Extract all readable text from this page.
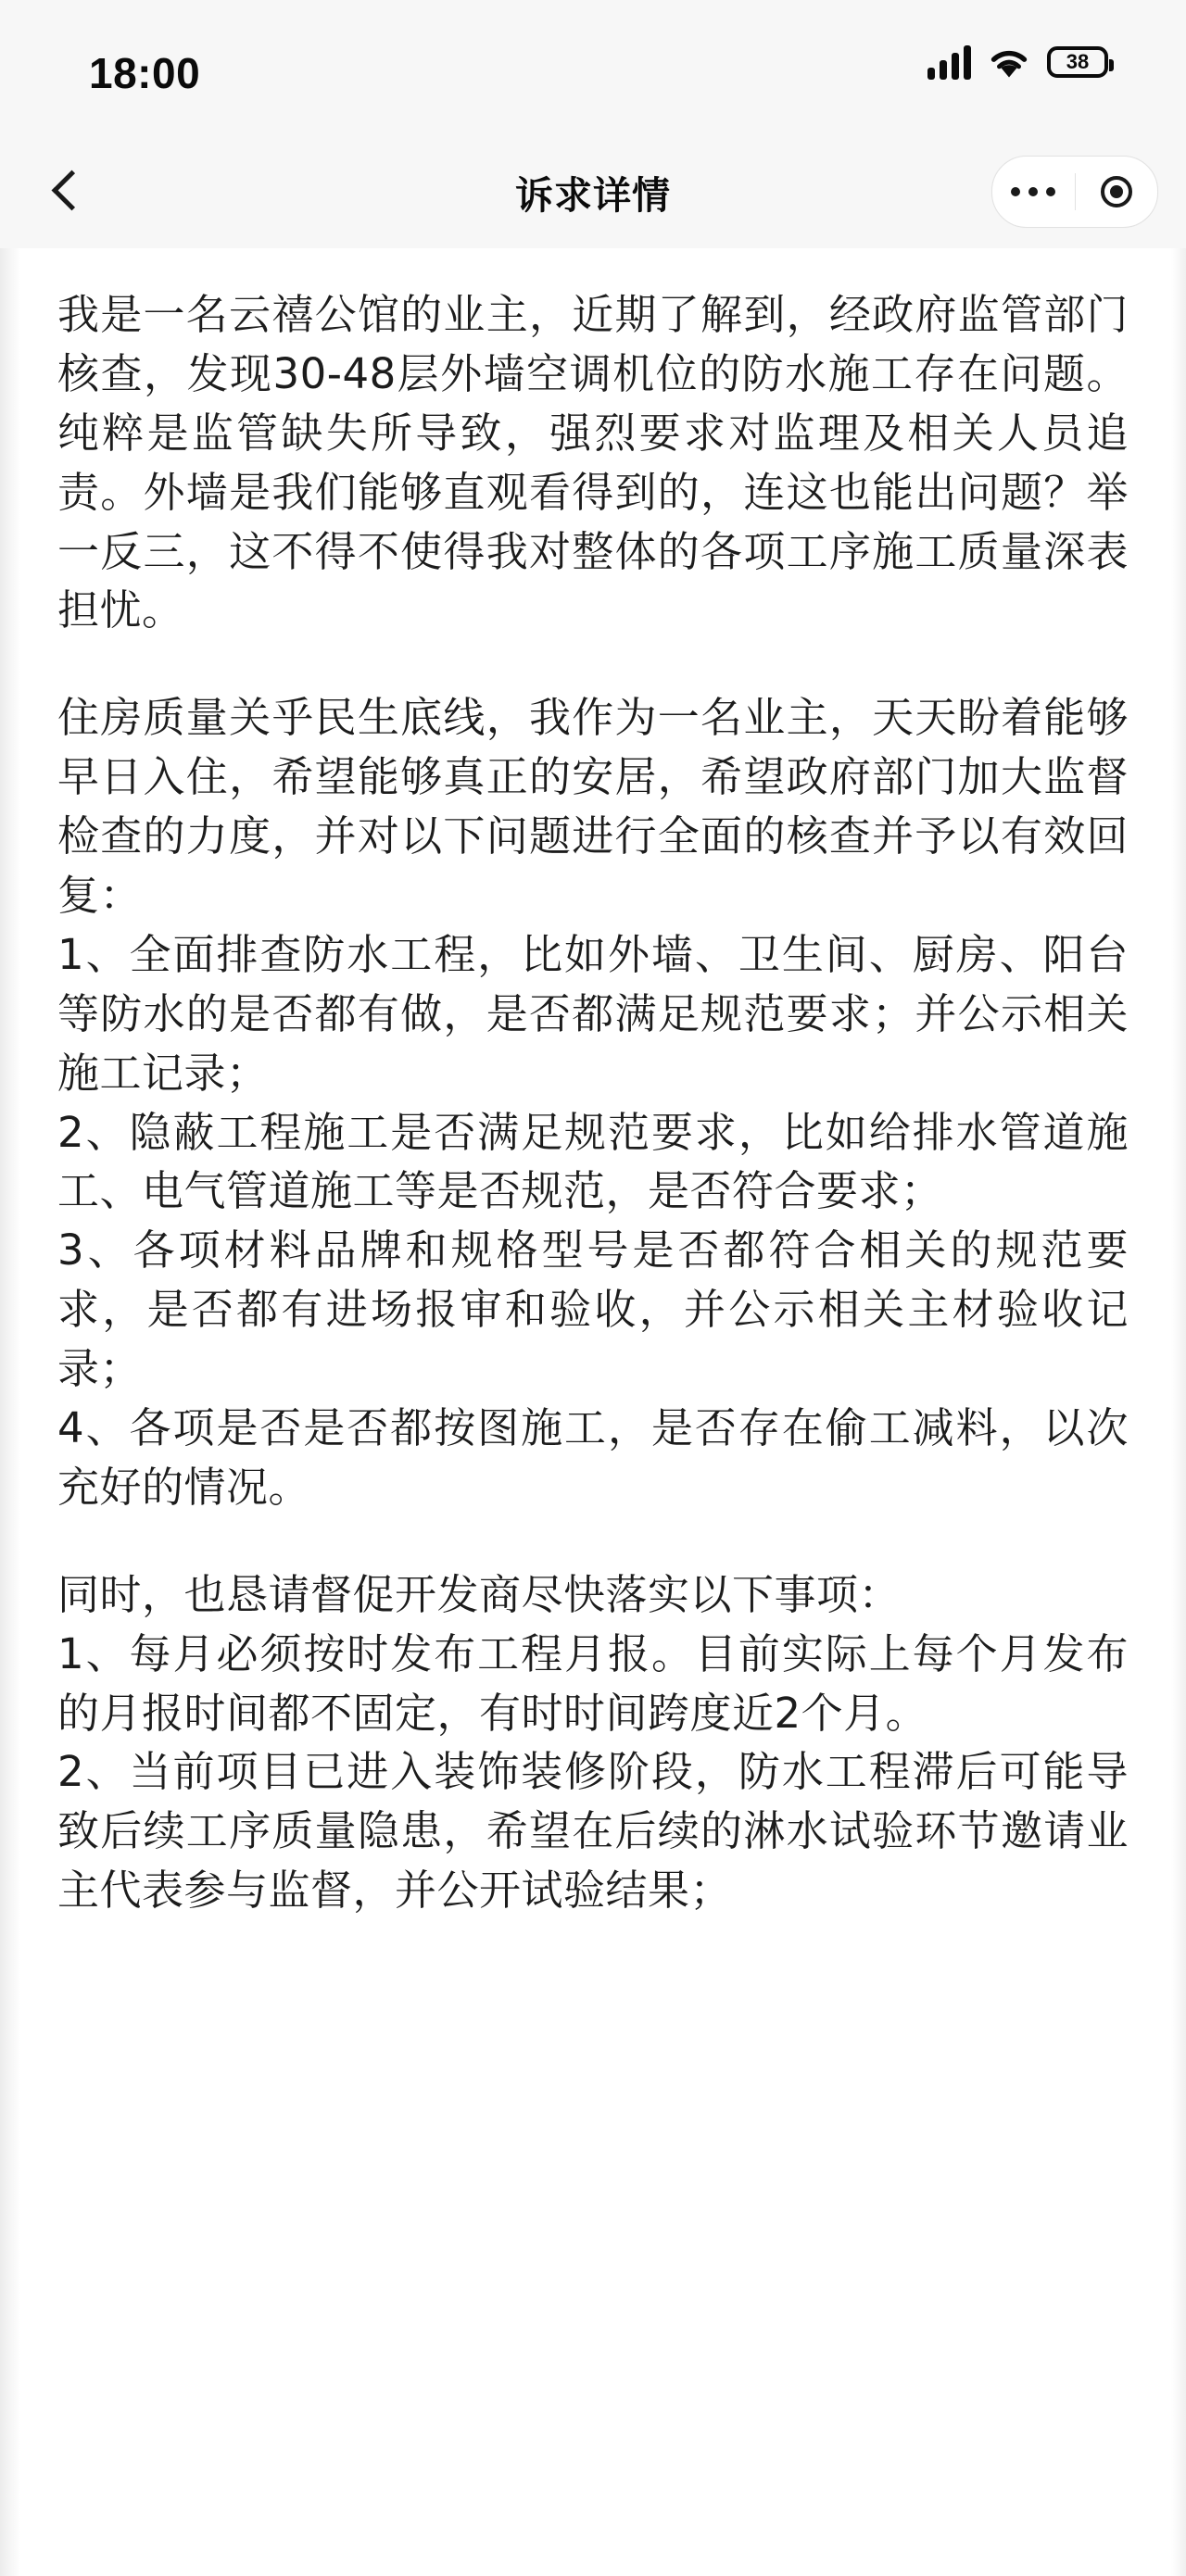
18:00	38
诉求详情

我是一名云禧公馆的业主，近期了解到，经政府监管部门核查，发现30-48层外墙空调机位的防水施工存在问题。纯粹是监管缺失所导致，强烈要求对监理及相关人员追责。外墙是我们能够直观看得到的，连这也能出问题？举一反三，这不得不使得我对整体的各项工序施工质量深表担忧。

住房质量关乎民生底线，我作为一名业主，天天盼着能够早日入住，希望能够真正的安居，希望政府部门加大监督检查的力度，并对以下问题进行全面的核查并予以有效回复：

1、全面排查防水工程，比如外墙、卫生间、厨房、阳台等防水的是否都有做，是否都满足规范要求；并公示相关施工记录；

2、隐蔽工程施工是否满足规范要求，比如给排水管道施工、电气管道施工等是否规范，是否符合要求；

3、各项材料品牌和规格型号是否都符合相关的规范要求，是否都有进场报审和验收，并公示相关主材验收记录；

4、各项是否是否都按图施工，是否存在偷工减料，以次充好的情况。

同时，也恳请督促开发商尽快落实以下事项：

1、每月必须按时发布工程月报。目前实际上每个月发布的月报时间都不固定，有时时间跨度近2个月。

2、当前项目已进入装饰装修阶段，防水工程滞后可能导致后续工序质量隐患，希望在后续的淋水试验环节邀请业主代表参与监督，并公开试验结果；
